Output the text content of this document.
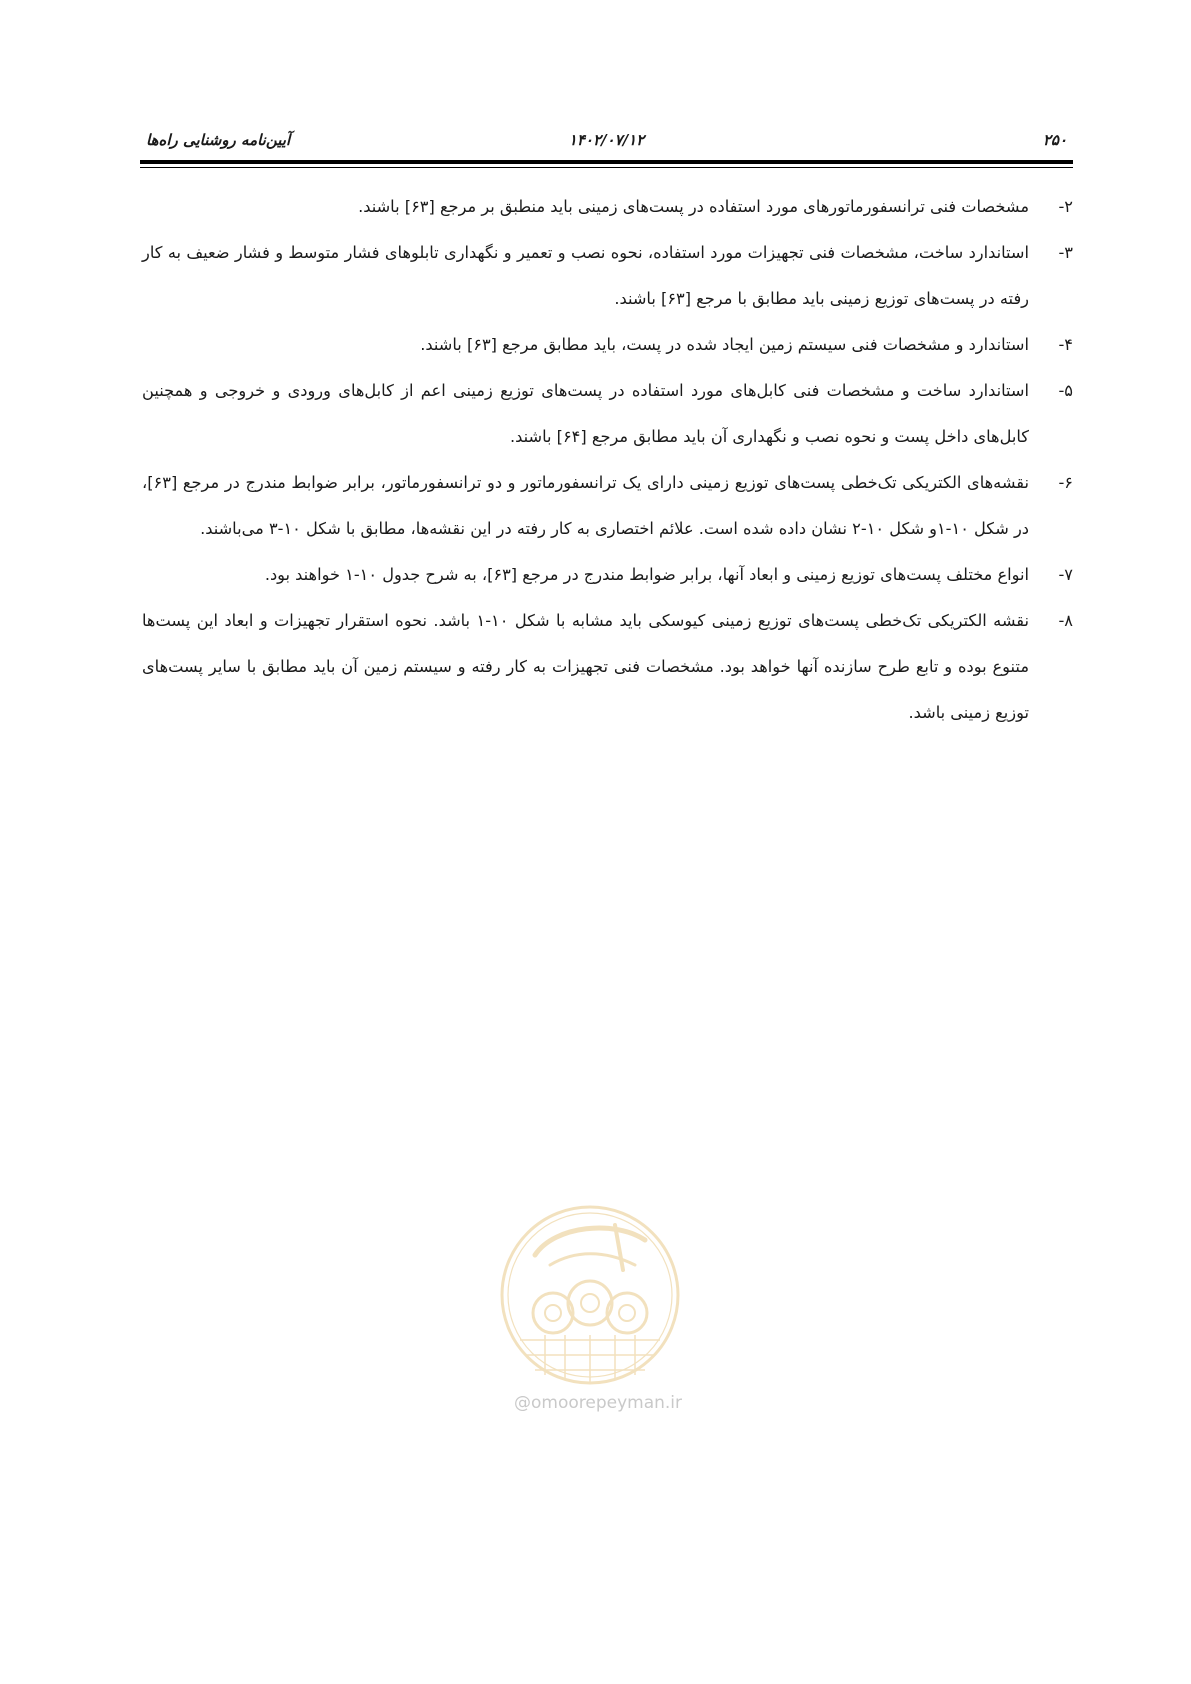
آیین‌نامه روشنایی راه‌ها	۱۴۰۲/۰۷/۱۲	۲۵۰
۲-
مشخصات فنی ترانسفورماتورهای مورد استفاده در پست‌های زمینی باید منطبق بر مرجع [۶۳] باشند.
۳-
استاندارد ساخت، مشخصات فنی تجهیزات مورد استفاده، نحوه نصب و تعمیر و نگهداری تابلوهای فشار متوسط و فشار ضعیف به کار رفته در پست‌های توزیع زمینی باید مطابق با مرجع [۶۳] باشند.
۴-
استاندارد و مشخصات فنی سیستم زمین ایجاد شده در پست، باید مطابق مرجع [۶۳] باشند.
۵-
استاندارد ساخت و مشخصات فنی کابل‌های مورد استفاده در پست‌های توزیع زمینی اعم از کابل‌های ورودی و خروجی و همچنین کابل‌های داخل پست و نحوه نصب و نگهداری آن باید مطابق مرجع [۶۴] باشند.
۶-
نقشه‌های الکتریکی تک‌خطی پست‌های توزیع زمینی دارای یک ترانسفورماتور و دو ترانسفورماتور، برابر ضوابط مندرج در مرجع [۶۳]، در شکل ۱۰-۱و شکل ۱۰-۲ نشان داده شده است. علائم اختصاری به کار رفته در این نقشه‌ها، مطابق با شکل ۱۰-۳ می‌باشند.
۷-
انواع مختلف پست‌های توزیع زمینی و ابعاد آنها، برابر ضوابط مندرج در مرجع [۶۳]، به شرح جدول ۱۰-۱ خواهند بود.
۸-
نقشه الکتریکی تک‌خطی پست‌های توزیع زمینی کیوسکی باید مشابه با شکل ۱۰-۱ باشد. نحوه استقرار تجهیزات و ابعاد این پست‌ها متنوع بوده و تابع طرح سازنده آنها خواهد بود. مشخصات فنی تجهیزات به کار رفته و سیستم زمین آن باید مطابق با سایر پست‌های توزیع زمینی باشد.
@omoorepeyman.ir
